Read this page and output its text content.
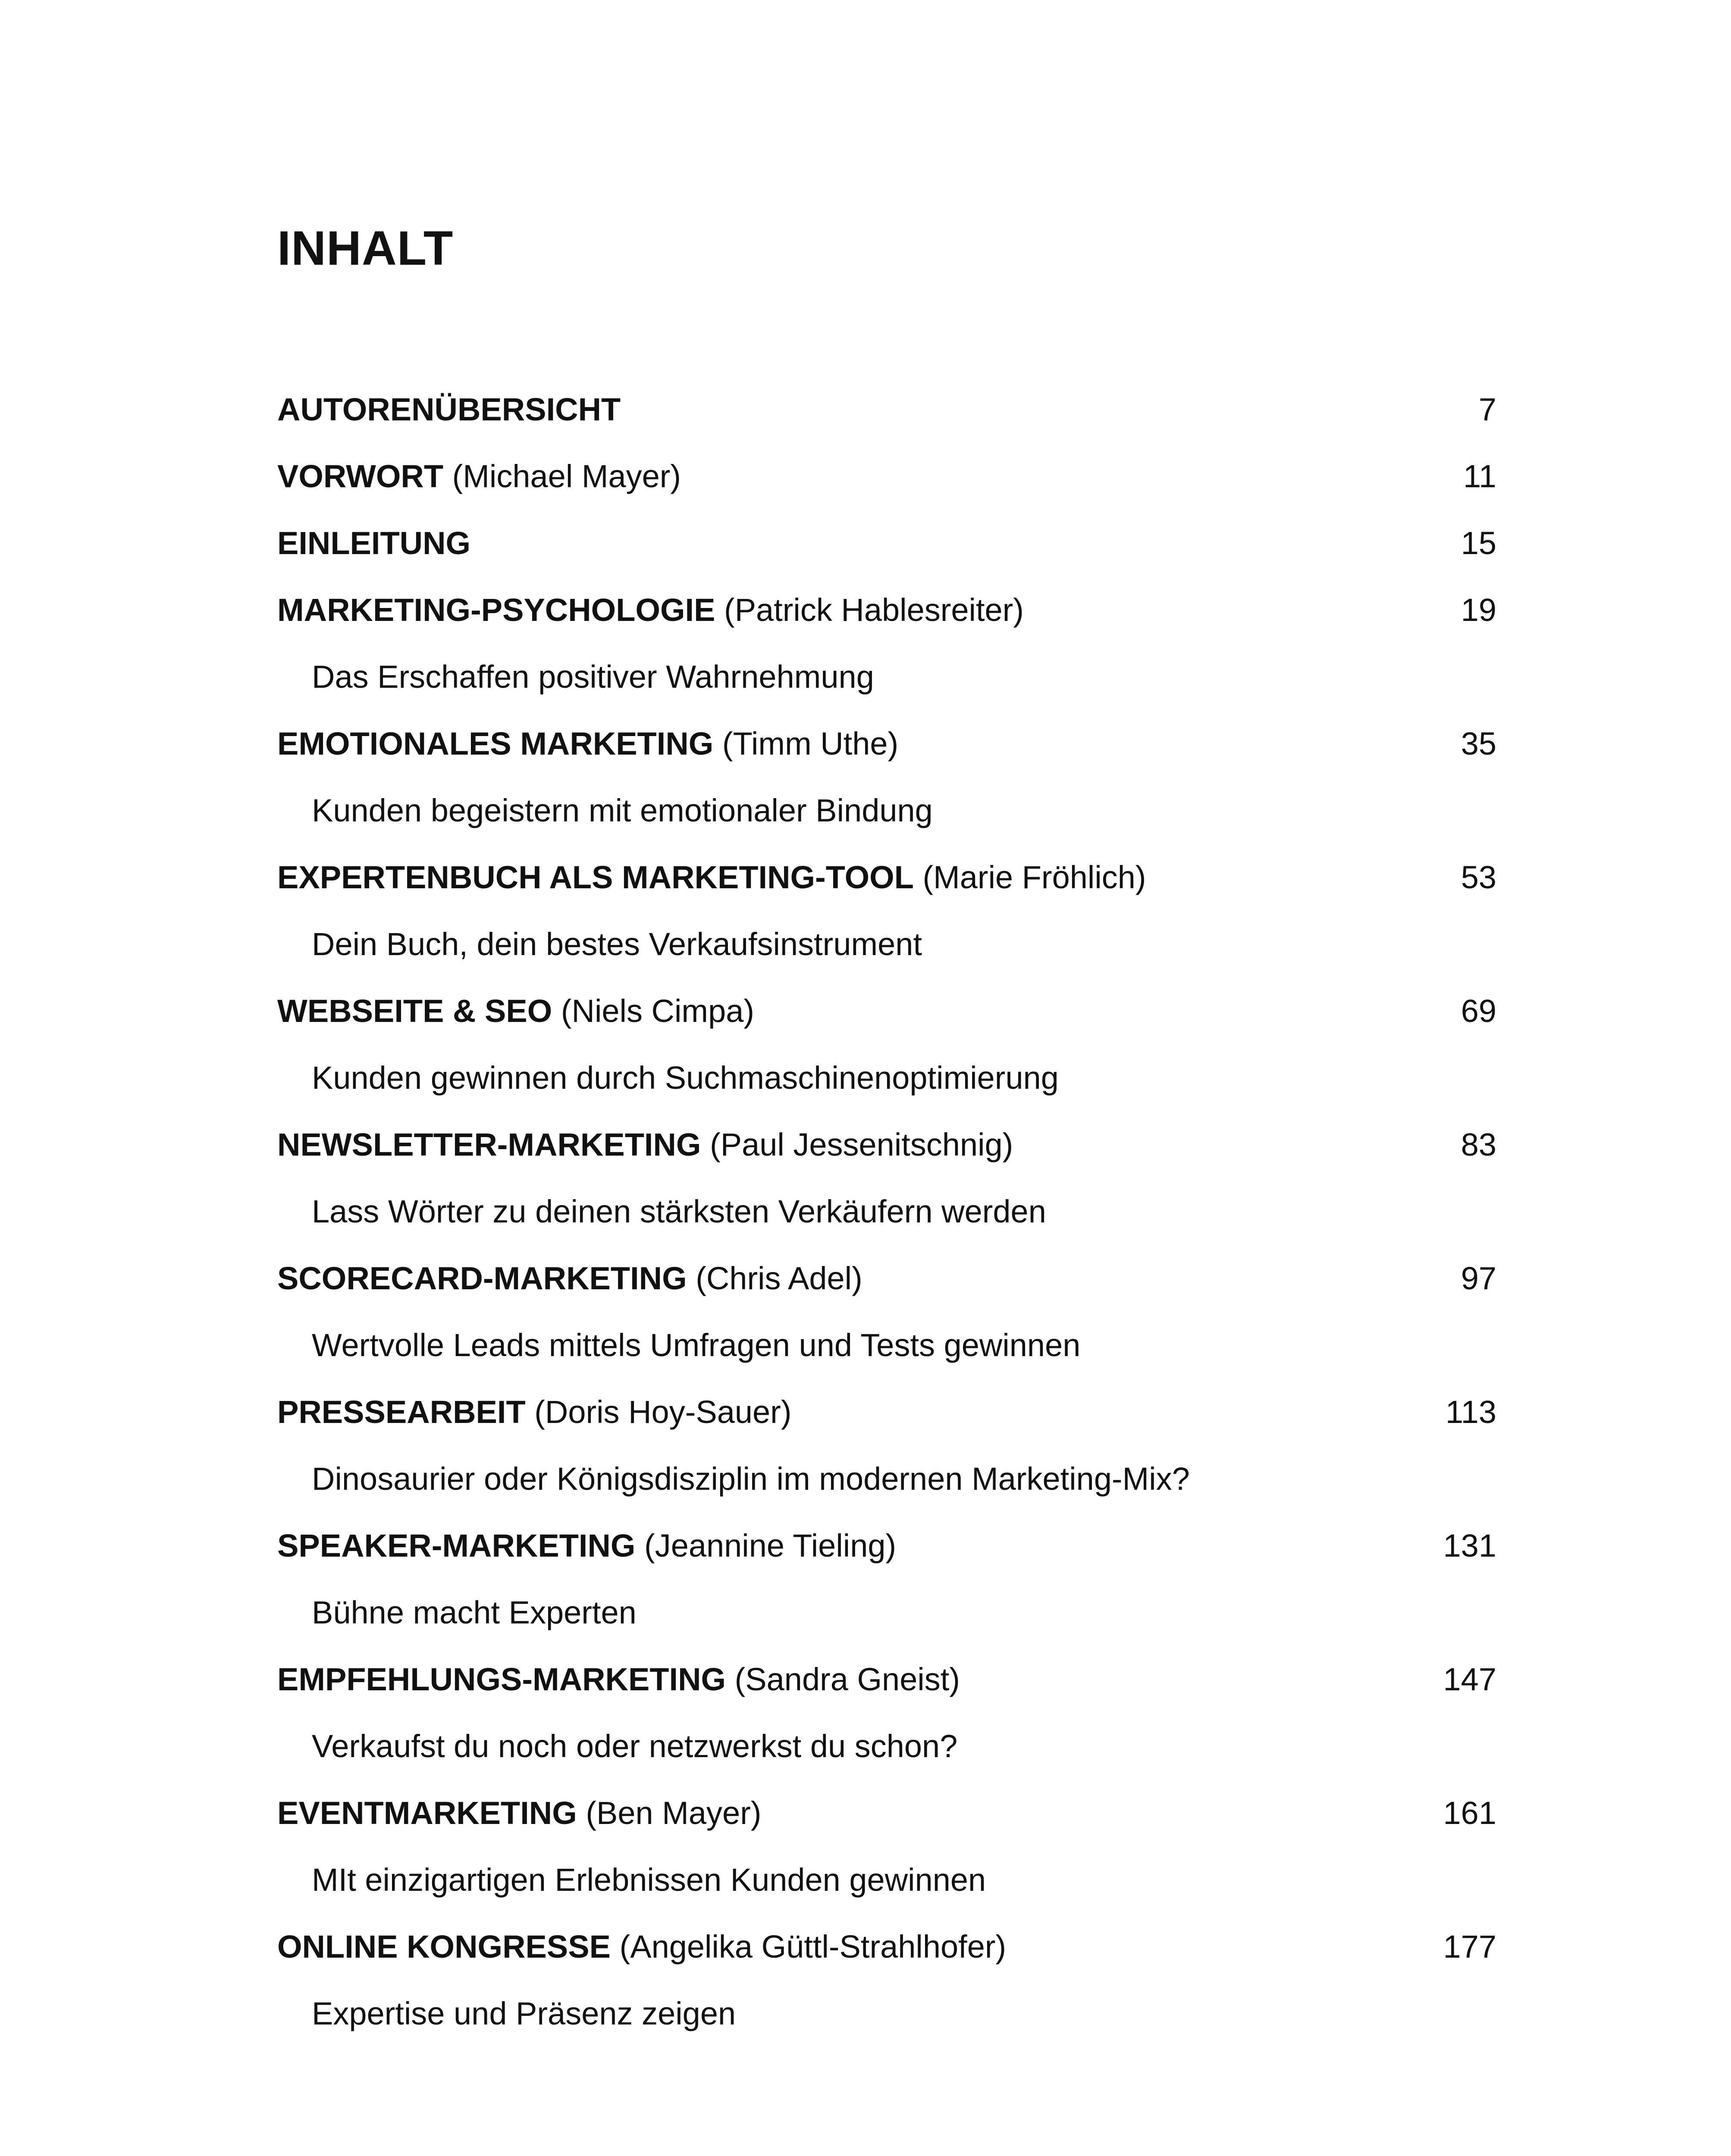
INHALT
AUTORENÜBERSICHT	7
VORWORT (Michael Mayer)	11
EINLEITUNG	15
MARKETING-PSYCHOLOGIE (Patrick Hablesreiter)	19
Das Erschaffen positiver Wahrnehmung
EMOTIONALES MARKETING (Timm Uthe)	35
Kunden begeistern mit emotionaler Bindung
EXPERTENBUCH ALS MARKETING-TOOL (Marie Fröhlich)	53
Dein Buch, dein bestes Verkaufsinstrument
WEBSEITE & SEO (Niels Cimpa)	69
Kunden gewinnen durch Suchmaschinenoptimierung
NEWSLETTER-MARKETING (Paul Jessenitschnig)	83
Lass Wörter zu deinen stärksten Verkäufern werden
SCORECARD-MARKETING (Chris Adel)	97
Wertvolle Leads mittels Umfragen und Tests gewinnen
PRESSEARBEIT (Doris Hoy-Sauer)	113
Dinosaurier oder Königsdisziplin im modernen Marketing-Mix?
SPEAKER-MARKETING (Jeannine Tieling)	131
Bühne macht Experten
EMPFEHLUNGS-MARKETING (Sandra Gneist)	147
Verkaufst du noch oder netzwerkst du schon?
EVENTMARKETING (Ben Mayer)	161
MIt einzigartigen Erlebnissen Kunden gewinnen
ONLINE KONGRESSE (Angelika Güttl-Strahlhofer)	177
Expertise und Präsenz zeigen
